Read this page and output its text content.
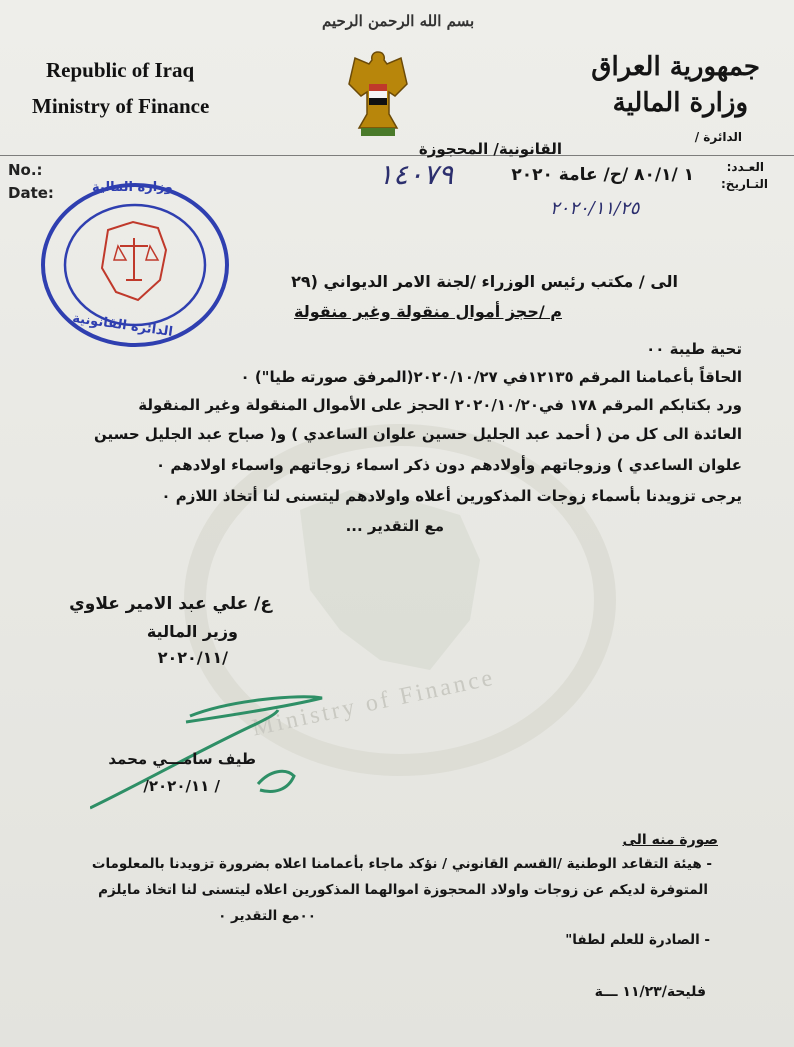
Ministry of Finance
Republic of Iraq
Ministry of Finance
بسم الله الرحمن الرحيم
جمهورية العراق
وزارة المالية
No.:
Date:
الدائرة /
القانونية/ المحجوزة
العـدد:
التـاريخ:
١ /٨٠/١ /ح/ عامة ٢٠٢٠
١٤٠٧٩
٢٠٢٠/١١/٢٥
وزارة المالية
الدائرة القانونية
الى / مكتب رئيس الوزراء /لجنة الامر الديواني (٢٩
م /حجز أموال منقولة وغير منقولة
تحية طيبة ٠٠
الحاقاً بأعمامنا المرقم ١٢١٣٥في ٢٠٢٠/١٠/٢٧(المرفق صورته طيا") ٠
ورد بكتابكم المرقم ١٧٨ في٢٠٢٠/١٠/٢٠ الحجز على الأموال المنقولة وغير المنقولة
العائدة الى كل من ( أحمد عبد الجليل حسين علوان الساعدي ) و( صباح عبد الجليل حسين
علوان الساعدي ) وزوجاتهم وأولادهم دون ذكر اسماء زوجاتهم واسماء اولادهم ٠
يرجى تزويدنا بأسماء زوجات المذكورين أعلاه واولادهم ليتسنى لنا أتخاذ اللازم ٠
مع التقدير ...
ع/ علي عبد الامير علاوي
وزير المالية
/٢٠٢٠/١١
طيف سامـــي محمد
/ ٢٠٢٠/١١/
صورة منه الى
- هيئة التقاعد الوطنية /القسم القانوني / نؤكد ماجاء بأعمامنا اعلاه بضرورة تزويدنا بالمعلومات
المتوفرة لديكم عن زوجات واولاد المحجوزة اموالهما المذكورين اعلاه ليتسنى لنا اتخاذ مايلزم
٠٠مع التقدير ٠
- الصادرة للعلم لطفا"
فليحة/١١/٢٣ ـــة
